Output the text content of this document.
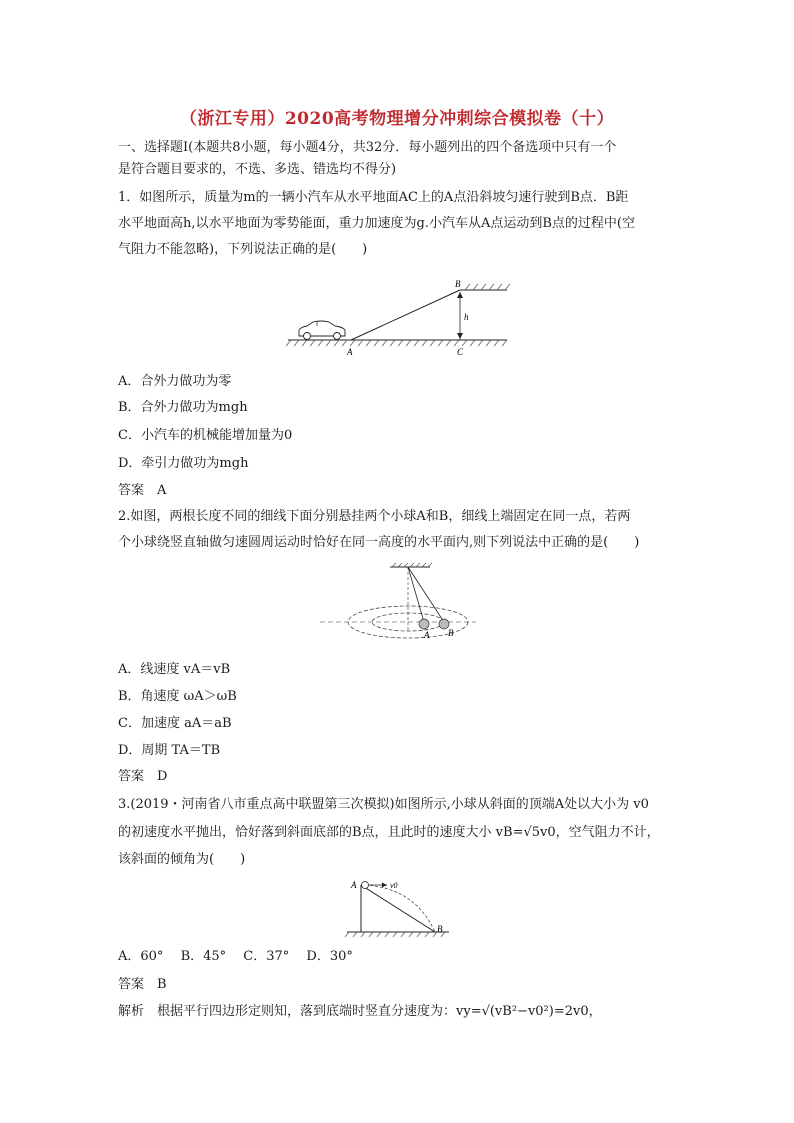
（浙江专用）2020高考物理增分冲刺综合模拟卷（十）
一、选择题Ⅰ(本题共8小题，每小题4分，共32分．每小题列出的四个备选项中只有一个
是符合题目要求的，不选、多选、错选均不得分)
1．如图所示，质量为m的一辆小汽车从水平地面AC上的A点沿斜坡匀速行驶到B点．B距
水平地面高h,以水平地面为零势能面，重力加速度为g.小汽车从A点运动到B点的过程中(空
气阻力不能忽略)，下列说法正确的是(　　)
A	C
B
h
A．合外力做功为零
B．合外力做功为mgh
C．小汽车的机械能增加量为0
D．牵引力做功为mgh
答案　A
2.如图，两根长度不同的细线下面分别悬挂两个小球A和B，细线上端固定在同一点，若两
个小球绕竖直轴做匀速圆周运动时恰好在同一高度的水平面内,则下列说法中正确的是(　　)
A B
A．线速度 vA＝vB
B．角速度 ωA＞ωB
C．加速度 aA＝aB
D．周期 TA＝TB
答案　D
3.(2019・河南省八市重点高中联盟第三次模拟)如图所示,小球从斜面的顶端A处以大小为 v0
的初速度水平抛出，恰好落到斜面底部的B点，且此时的速度大小 vB=√5v0，空气阻力不计，
该斜面的倾角为(　　)
A	v0
B
A．60°　 B．45°　 C．37°　 D．30°
答案　B
解析　根据平行四边形定则知，落到底端时竖直分速度为：vy=√(vB²−v0²)=2v0，
